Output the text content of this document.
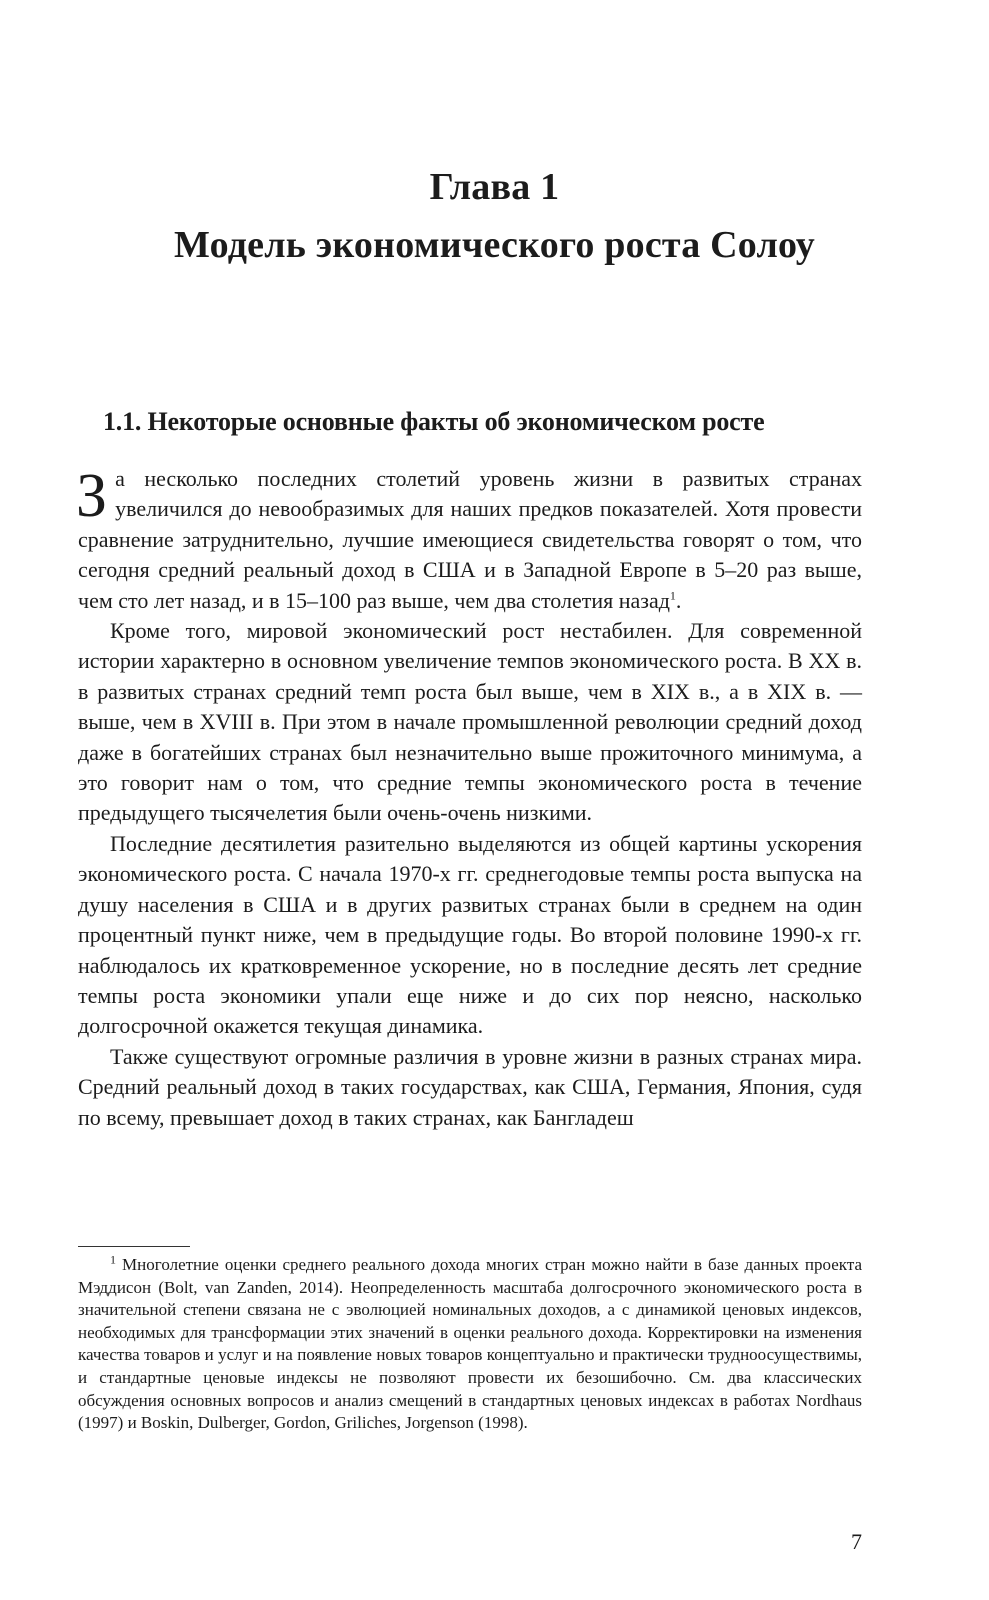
Глава 1
Модель экономического роста Солоу
1.1. Некоторые основные факты об экономическом росте

За несколько последних столетий уровень жизни в развитых странах увеличился до невообразимых для наших предков показателей. Хотя провести сравнение затруднительно, лучшие имеющиеся свидетельства говорят о том, что сегодня средний реальный доход в США и в Западной Европе в 5–20 раз выше, чем сто лет назад, и в 15–100 раз выше, чем два столетия назад$^1$.

Кроме того, мировой экономический рост нестабилен. Для современной истории характерно в основном увеличение темпов экономического роста. В XX в. в развитых странах средний темп роста был выше, чем в XIX в., а в XIX в. — выше, чем в XVIII в. При этом в начале промышленной революции средний доход даже в богатейших странах был незначительно выше прожиточного минимума, а это говорит нам о том, что средние темпы экономического роста в течение предыдущего тысячелетия были очень-очень низкими.

Последние десятилетия разительно выделяются из общей картины ускорения экономического роста. С начала 1970-х гг. среднегодовые темпы роста выпуска на душу населения в США и в других развитых странах были в среднем на один процентный пункт ниже, чем в предыдущие годы. Во второй половине 1990-х гг. наблюдалось их кратковременное ускорение, но в последние десять лет средние темпы роста экономики упали еще ниже и до сих пор неясно, насколько долгосрочной окажется текущая динамика.

Также существуют огромные различия в уровне жизни в разных странах мира. Средний реальный доход в таких государствах, как США, Германия, Япония, судя по всему, превышает доход в таких странах, как Бангладеш

$^1$ Многолетние оценки среднего реального дохода многих стран можно найти в базе данных проекта Мэддисон (Bolt, van Zanden, 2014). Неопределенность масштаба долгосрочного экономического роста в значительной степени связана не с эволюцией номинальных доходов, а с динамикой ценовых индексов, необходимых для трансформации этих значений в оценки реального дохода. Корректировки на изменения качества товаров и услуг и на появление новых товаров концептуально и практически трудноосуществимы, и стандартные ценовые индексы не позволяют провести их безошибочно. См. два классических обсуждения основных вопросов и анализ смещений в стандартных ценовых индексах в работах Nordhaus (1997) и Boskin, Dulberger, Gordon, Griliches, Jorgenson (1998).
7
